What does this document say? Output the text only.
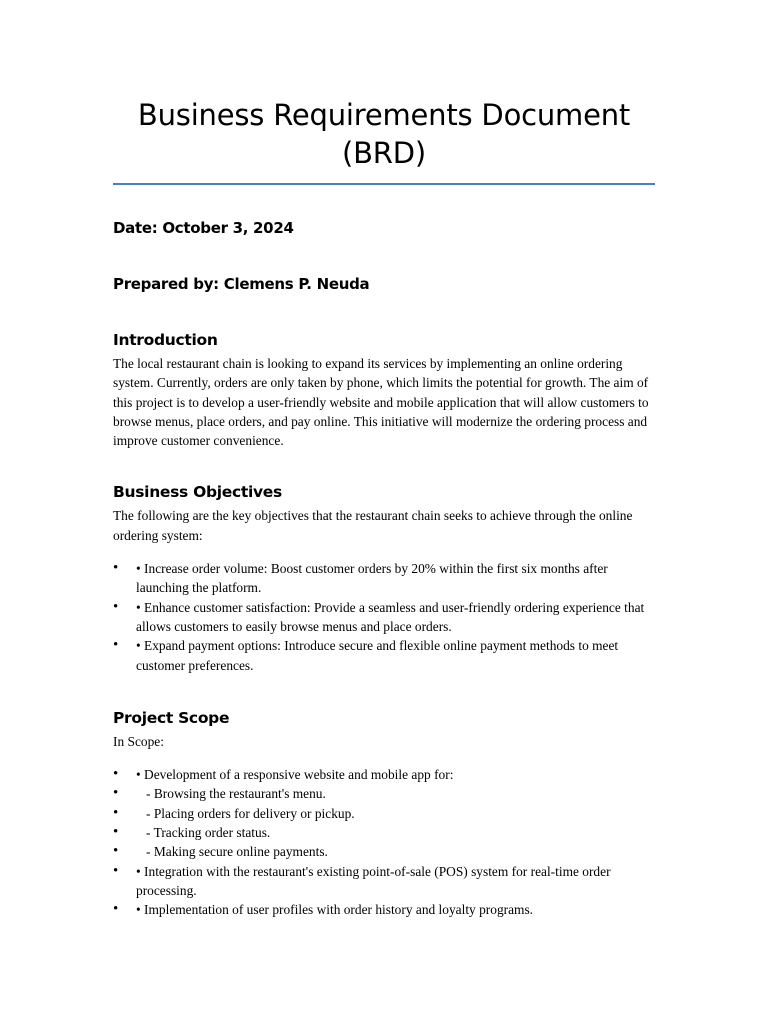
Business Requirements Document (BRD)

Date: October 3, 2024

Prepared by: Clemens P. Neuda

Introduction

The local restaurant chain is looking to expand its services by implementing an online ordering system. Currently, orders are only taken by phone, which limits the potential for growth. The aim of this project is to develop a user-friendly website and mobile application that will allow customers to browse menus, place orders, and pay online. This initiative will modernize the ordering process and improve customer convenience.

Business Objectives

The following are the key objectives that the restaurant chain seeks to achieve through the online ordering system:

• • Increase order volume: Boost customer orders by 20% within the first six months after launching the platform.
• • Enhance customer satisfaction: Provide a seamless and user-friendly ordering experience that allows customers to easily browse menus and place orders.
• • Expand payment options: Introduce secure and flexible online payment methods to meet customer preferences.
Project Scope

In Scope:

• • Development of a responsive website and mobile app for:
• - Browsing the restaurant's menu.
• - Placing orders for delivery or pickup.
• - Tracking order status.
• - Making secure online payments.
• • Integration with the restaurant's existing point-of-sale (POS) system for real-time order processing.
• • Implementation of user profiles with order history and loyalty programs.
